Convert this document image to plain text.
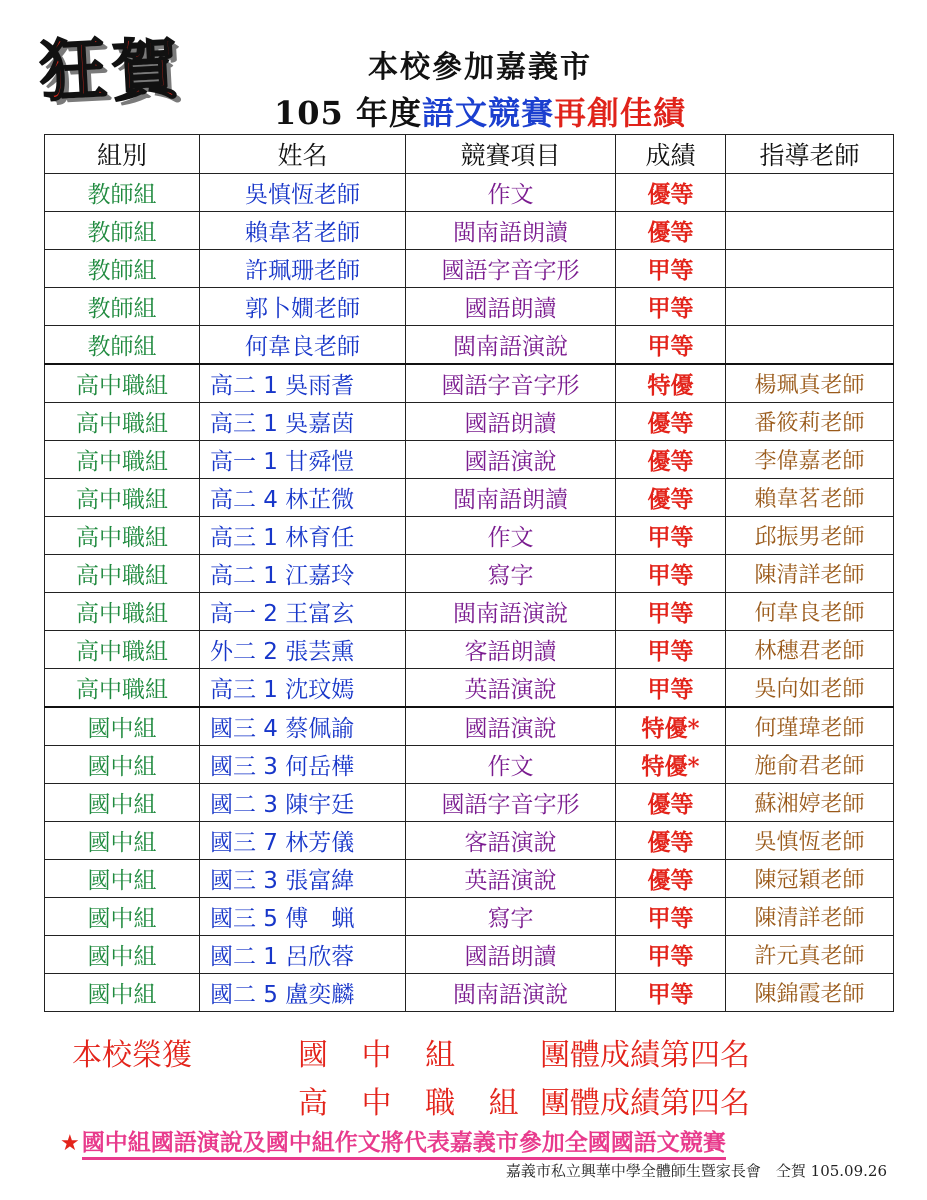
狂 賀	本校參加嘉義市
105 年度語文競賽再創佳績
組別	姓名	競賽項目	成績	指導老師
教師組	吳慎恆老師	作文	優等	
教師組	賴韋茗老師	閩南語朗讀	優等	
教師組	許珮珊老師	國語字音字形	甲等	
教師組	郭卜嫺老師	國語朗讀	甲等	
教師組	何韋良老師	閩南語演說	甲等	
高中職組	高二 1 吳雨耆	國語字音字形	特優	楊珮真老師
高中職組	高三 1 吳嘉茵	國語朗讀	優等	番筱莉老師
高中職組	高一 1 甘舜愷	國語演說	優等	李偉嘉老師
高中職組	高二 4 林芷微	閩南語朗讀	優等	賴韋茗老師
高中職組	高三 1 林育任	作文	甲等	邱振男老師
高中職組	高二 1 江嘉玲	寫字	甲等	陳清詳老師
高中職組	高一 2 王富玄	閩南語演說	甲等	何韋良老師
高中職組	外二 2 張芸熏	客語朗讀	甲等	林穗君老師
高中職組	高三 1 沈玟嫣	英語演說	甲等	吳向如老師
國中組	國三 4 蔡佩諭	國語演說	特優*	何瑾瑋老師
國中組	國三 3 何岳樺	作文	特優*	施俞君老師
國中組	國二 3 陳宇廷	國語字音字形	優等	蘇湘婷老師
國中組	國三 7 林芳儀	客語演說	優等	吳慎恆老師
國中組	國三 3 張富緯	英語演說	優等	陳冠穎老師
國中組	國三 5 傅　蝋	寫字	甲等	陳清詳老師
國中組	國二 1 呂欣蓉	國語朗讀	甲等	許元真老師
國中組	國二 5 盧奕麟	閩南語演說	甲等	陳錦霞老師
本校榮獲	國 中 組 團體成績第四名
高 中 職 組 團體成績第四名
★國中組國語演說及國中組作文將代表嘉義市參加全國國語文競賽
嘉義市私立興華中學全體師生暨家長會　仝賀 105.09.26
